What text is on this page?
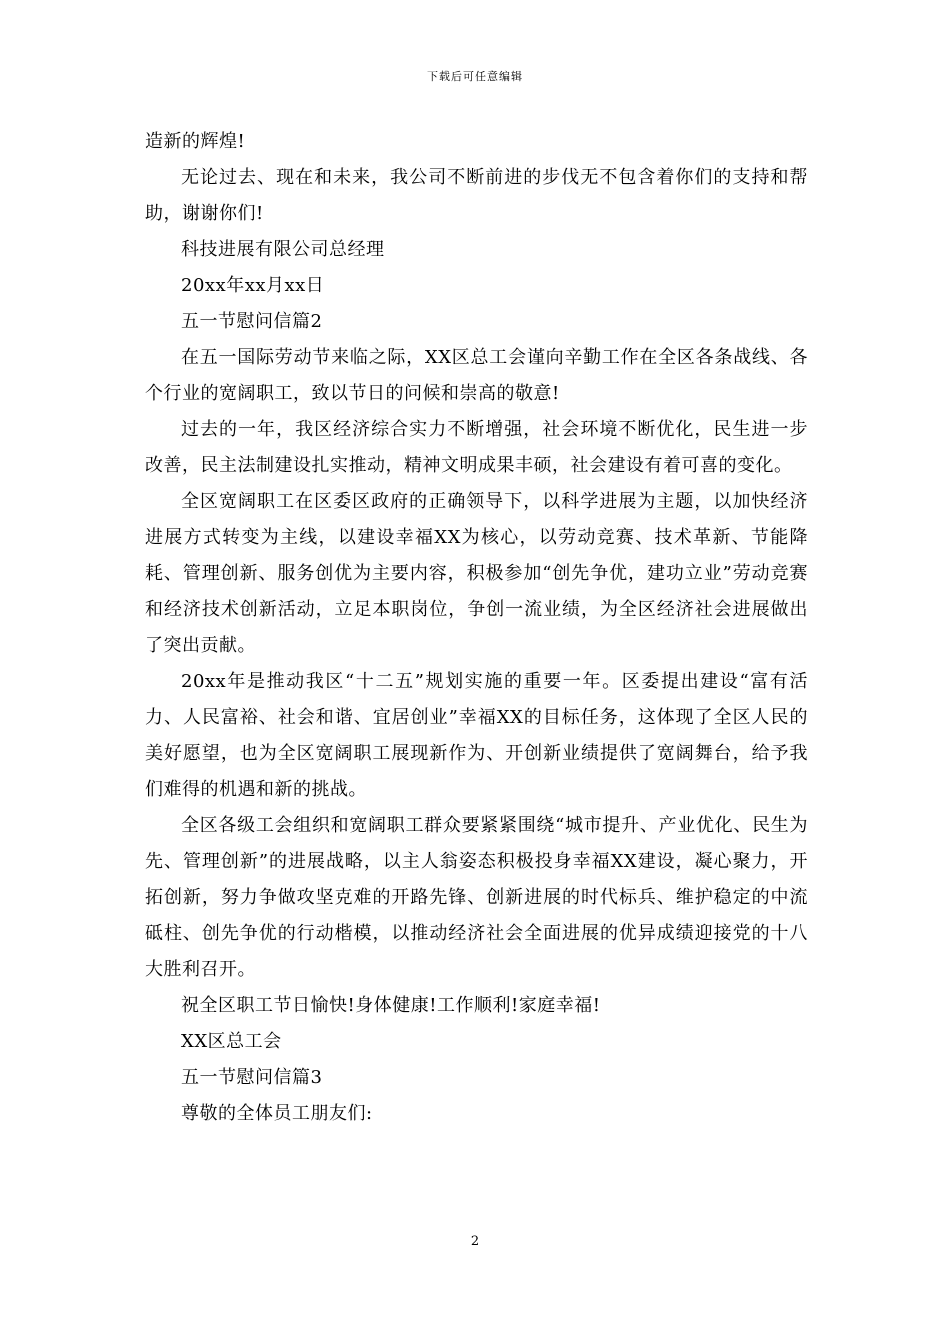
下载后可任意编辑

造新的辉煌!

无论过去、现在和未来，我公司不断前进的步伐无不包含着你们的支持和帮助，谢谢你们!

科技进展有限公司总经理

20xx年xx月xx日

五一节慰问信篇2

在五一国际劳动节来临之际，XX区总工会谨向辛勤工作在全区各条战线、各个行业的宽阔职工，致以节日的问候和崇高的敬意!

过去的一年，我区经济综合实力不断增强，社会环境不断优化，民生进一步改善，民主法制建设扎实推动，精神文明成果丰硕，社会建设有着可喜的变化。

全区宽阔职工在区委区政府的正确领导下，以科学进展为主题，以加快经济进展方式转变为主线，以建设幸福XX为核心，以劳动竞赛、技术革新、节能降耗、管理创新、服务创优为主要内容，积极参加“创先争优，建功立业”劳动竞赛和经济技术创新活动，立足本职岗位，争创一流业绩，为全区经济社会进展做出了突出贡献。

20xx年是推动我区“十二五”规划实施的重要一年。区委提出建设“富有活力、人民富裕、社会和谐、宜居创业”幸福XX的目标任务，这体现了全区人民的美好愿望，也为全区宽阔职工展现新作为、开创新业绩提供了宽阔舞台，给予我们难得的机遇和新的挑战。

全区各级工会组织和宽阔职工群众要紧紧围绕“城市提升、产业优化、民生为先、管理创新”的进展战略，以主人翁姿态积极投身幸福XX建设，凝心聚力，开拓创新，努力争做攻坚克难的开路先锋、创新进展的时代标兵、维护稳定的中流砥柱、创先争优的行动楷模，以推动经济社会全面进展的优异成绩迎接党的十八大胜利召开。

祝全区职工节日愉快!身体健康!工作顺利!家庭幸福!

XX区总工会

五一节慰问信篇3

尊敬的全体员工朋友们:

2
